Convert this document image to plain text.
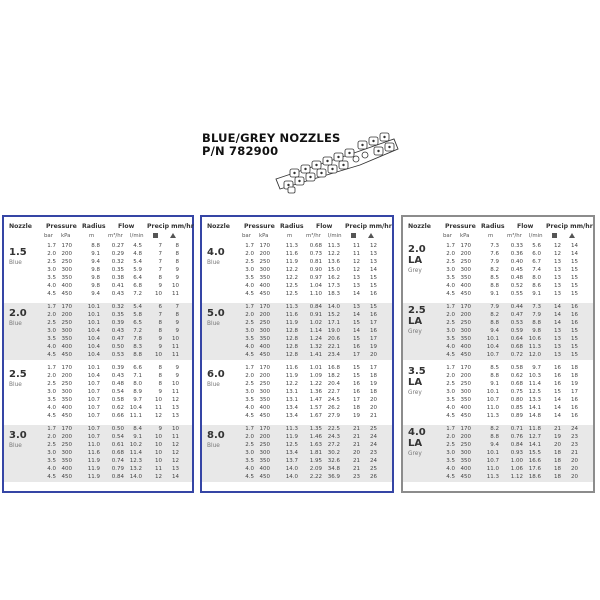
BLUE/GREY NOZZLES
P/N 782900
Nozzle Pressure Radius Flow Precip mm/hr
bar kPa	m	m³/hr l/min
1.5
Blue
1.7	170	8.8	0.27	4.5	7	8
2.0	200	9.1	0.29	4.8	7	8
2.5	250	9.4	0.32	5.4	7	8
3.0	300	9.8	0.35	5.9	7	9
3.5	350	9.8	0.38	6.4	8	9
4.0	400	9.8	0.41	6.8	9	10
4.5	450	9.4	0.43	7.2	10	11
2.0
Blue
1.7	170	10.1	0.32	5.4	6	7
2.0	200	10.1	0.35	5.8	7	8
2.5	250	10.1	0.39	6.5	8	9
3.0	300	10.4	0.43	7.2	8	9
3.5	350	10.4	0.47	7.8	9	10
4.0	400	10.4	0.50	8.3	9	11
4.5	450	10.4	0.53	8.8	10	11
2.5
Blue
1.7	170	10.1	0.39	6.6	8	9
2.0	200	10.4	0.43	7.1	8	9
2.5	250	10.7	0.48	8.0	8	10
3.0	300	10.7	0.54	8.9	9	11
3.5	350	10.7	0.58	9.7	10	12
4.0	400	10.7	0.62	10.4	11	13
4.5	450	10.7	0.66	11.1	12	13
3.0
Blue
1.7	170	10.7	0.50	8.4	9	10
2.0	200	10.7	0.54	9.1	10	11
2.5	250	11.0	0.61	10.2	10	12
3.0	300	11.6	0.68	11.4	10	12
3.5	350	11.9	0.74	12.3	10	12
4.0	400	11.9	0.79	13.2	11	13
4.5	450	11.9	0.84	14.0	12	14
Nozzle Pressure Radius Flow Precip mm/hr
bar kPa	m	m³/hr l/min
4.0
Blue
1.7	170	11.3	0.68	11.3	11	12
2.0	200	11.6	0.73	12.2	11	13
2.5	250	11.9	0.81	13.6	12	13
3.0	300	12.2	0.90	15.0	12	14
3.5	350	12.2	0.97	16.2	13	15
4.0	400	12.5	1.04	17.3	13	15
4.5	450	12.5	1.10	18.3	14	16
5.0
Blue
1.7	170	11.3	0.84	14.0	13	15
2.0	200	11.6	0.91	15.2	14	16
2.5	250	11.9	1.02	17.1	15	17
3.0	300	12.8	1.14	19.0	14	16
3.5	350	12.8	1.24	20.6	15	17
4.0	400	12.8	1.32	22.1	16	19
4.5	450	12.8	1.41	23.4	17	20
6.0
Blue
1.7	170	11.6	1.01	16.8	15	17
2.0	200	11.9	1.09	18.2	15	18
2.5	250	12.2	1.22	20.4	16	19
3.0	300	13.1	1.36	22.7	16	18
3.5	350	13.1	1.47	24.5	17	20
4.0	400	13.4	1.57	26.2	18	20
4.5	450	13.4	1.67	27.9	19	21
8.0
Blue
1.7	170	11.3	1.35	22.5	21	25
2.0	200	11.9	1.46	24.3	21	24
2.5	250	12.5	1.63	27.2	21	24
3.0	300	13.4	1.81	30.2	20	23
3.5	350	13.7	1.95	32.6	21	24
4.0	400	14.0	2.09	34.8	21	25
4.5	450	14.0	2.22	36.9	23	26
Nozzle Pressure Radius Flow Precip mm/hr
bar kPa	m	m³/hr l/min
2.0 LA
Grey
1.7	170	7.3	0.33	5.6	12	14
2.0	200	7.6	0.36	6.0	12	14
2.5	250	7.9	0.40	6.7	13	15
3.0	300	8.2	0.45	7.4	13	15
3.5	350	8.5	0.48	8.0	13	15
4.0	400	8.8	0.52	8.6	13	15
4.5	450	9.1	0.55	9.1	13	15
2.5 LA
Grey
1.7	170	7.9	0.44	7.3	14	16
2.0	200	8.2	0.47	7.9	14	16
2.5	250	8.8	0.53	8.8	14	16
3.0	300	9.4	0.59	9.8	13	15
3.5	350	10.1	0.64	10.6	13	15
4.0	400	10.4	0.68	11.3	13	15
4.5	450	10.7	0.72	12.0	13	15
3.5 LA
Grey
1.7	170	8.5	0.58	9.7	16	18
2.0	200	8.8	0.62	10.3	16	18
2.5	250	9.1	0.68	11.4	16	19
3.0	300	10.1	0.75	12.5	15	17
3.5	350	10.7	0.80	13.3	14	16
4.0	400	11.0	0.85	14.1	14	16
4.5	450	11.3	0.89	14.8	14	16
4.0 LA
Grey
1.7	170	8.2	0.71	11.8	21	24
2.0	200	8.8	0.76	12.7	19	23
2.5	250	9.4	0.84	14.1	20	23
3.0	300	10.1	0.93	15.5	18	21
3.5	350	10.7	1.00	16.6	18	20
4.0	400	11.0	1.06	17.6	18	20
4.5	450	11.3	1.12	18.6	18	20
